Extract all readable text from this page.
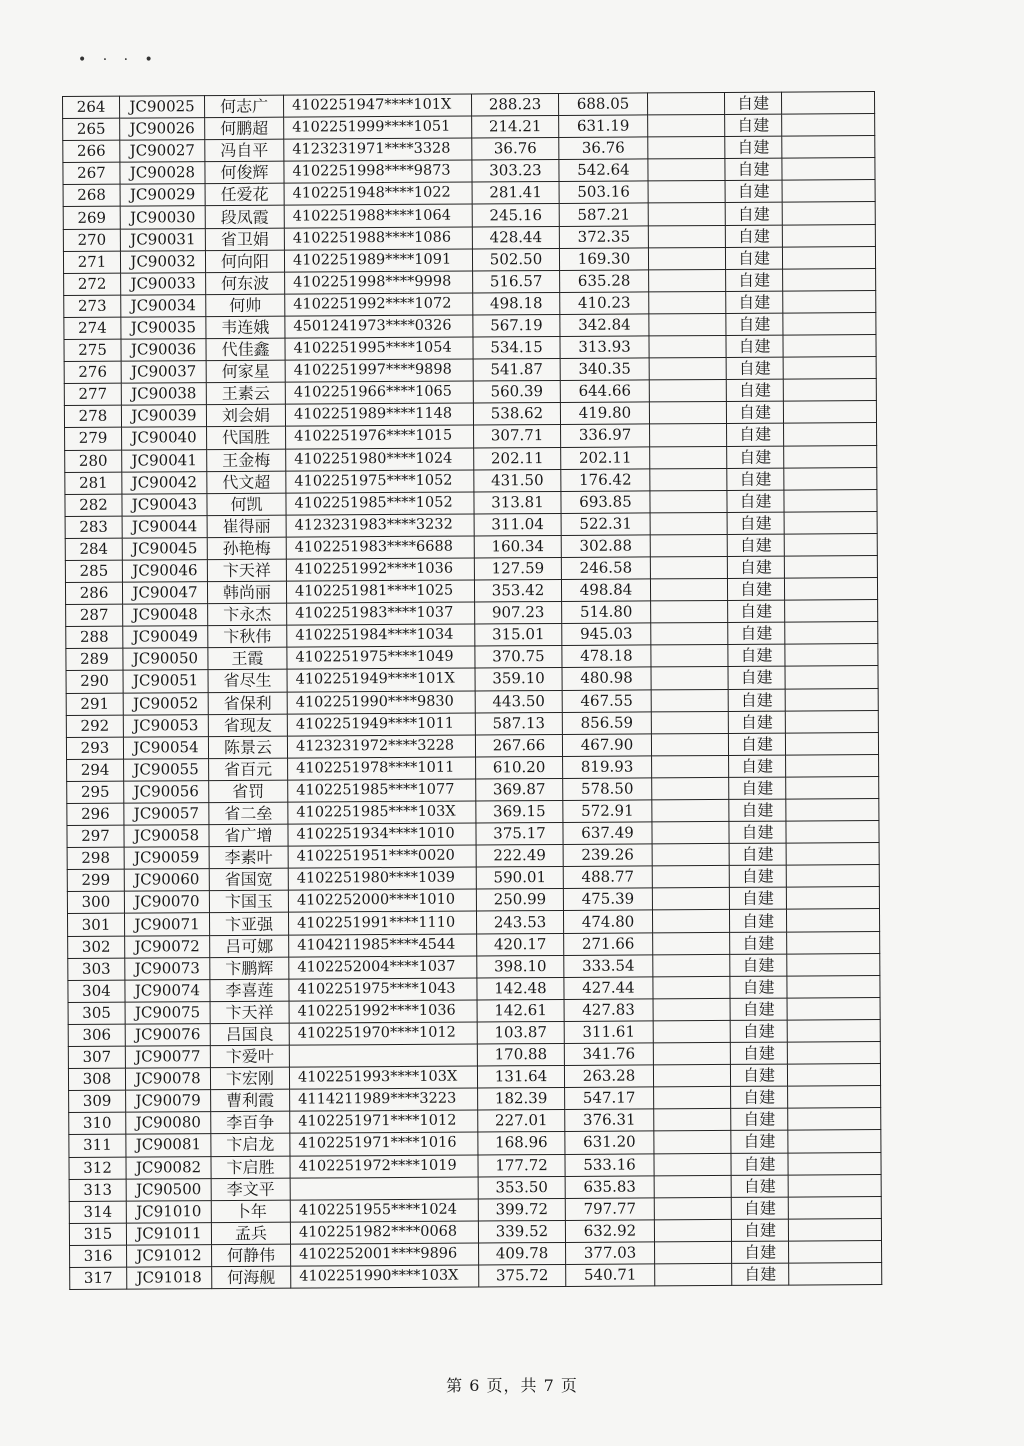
• · · •
264	JC90025	何志广	4102251947****101X	288.23	688.05		自建	
265	JC90026	何鹏超	4102251999****1051	214.21	631.19		自建	
266	JC90027	冯自平	4123231971****3328	36.76	36.76		自建	
267	JC90028	何俊辉	4102251998****9873	303.23	542.64		自建	
268	JC90029	任爱花	4102251948****1022	281.41	503.16		自建	
269	JC90030	段凤霞	4102251988****1064	245.16	587.21		自建	
270	JC90031	省卫娟	4102251988****1086	428.44	372.35		自建	
271	JC90032	何向阳	4102251989****1091	502.50	169.30		自建	
272	JC90033	何东波	4102251998****9998	516.57	635.28		自建	
273	JC90034	何帅	4102251992****1072	498.18	410.23		自建	
274	JC90035	韦连娥	4501241973****0326	567.19	342.84		自建	
275	JC90036	代佳鑫	4102251995****1054	534.15	313.93		自建	
276	JC90037	何家星	4102251997****9898	541.87	340.35		自建	
277	JC90038	王素云	4102251966****1065	560.39	644.66		自建	
278	JC90039	刘会娟	4102251989****1148	538.62	419.80		自建	
279	JC90040	代国胜	4102251976****1015	307.71	336.97		自建	
280	JC90041	王金梅	4102251980****1024	202.11	202.11		自建	
281	JC90042	代文超	4102251975****1052	431.50	176.42		自建	
282	JC90043	何凯	4102251985****1052	313.81	693.85		自建	
283	JC90044	崔得丽	4123231983****3232	311.04	522.31		自建	
284	JC90045	孙艳梅	4102251983****6688	160.34	302.88		自建	
285	JC90046	卞天祥	4102251992****1036	127.59	246.58		自建	
286	JC90047	韩尚丽	4102251981****1025	353.42	498.84		自建	
287	JC90048	卞永杰	4102251983****1037	907.23	514.80		自建	
288	JC90049	卞秋伟	4102251984****1034	315.01	945.03		自建	
289	JC90050	王霞	4102251975****1049	370.75	478.18		自建	
290	JC90051	省尽生	4102251949****101X	359.10	480.98		自建	
291	JC90052	省保利	4102251990****9830	443.50	467.55		自建	
292	JC90053	省现友	4102251949****1011	587.13	856.59		自建	
293	JC90054	陈景云	4123231972****3228	267.66	467.90		自建	
294	JC90055	省百元	4102251978****1011	610.20	819.93		自建	
295	JC90056	省罚	4102251985****1077	369.87	578.50		自建	
296	JC90057	省二垒	4102251985****103X	369.15	572.91		自建	
297	JC90058	省广增	4102251934****1010	375.17	637.49		自建	
298	JC90059	李素叶	4102251951****0020	222.49	239.26		自建	
299	JC90060	省国宽	4102251980****1039	590.01	488.77		自建	
300	JC90070	卞国玉	4102252000****1010	250.99	475.39		自建	
301	JC90071	卞亚强	4102251991****1110	243.53	474.80		自建	
302	JC90072	吕可娜	4104211985****4544	420.17	271.66		自建	
303	JC90073	卞鹏辉	4102252004****1037	398.10	333.54		自建	
304	JC90074	李喜莲	4102251975****1043	142.48	427.44		自建	
305	JC90075	卞天祥	4102251992****1036	142.61	427.83		自建	
306	JC90076	吕国良	4102251970****1012	103.87	311.61		自建	
307	JC90077	卞爱叶		170.88	341.76		自建	
308	JC90078	卞宏刚	4102251993****103X	131.64	263.28		自建	
309	JC90079	曹利霞	4114211989****3223	182.39	547.17		自建	
310	JC90080	李百争	4102251971****1012	227.01	376.31		自建	
311	JC90081	卞启龙	4102251971****1016	168.96	631.20		自建	
312	JC90082	卞启胜	4102251972****1019	177.72	533.16		自建	
313	JC90500	李文平		353.50	635.83		自建	
314	JC91010	卜年	4102251955****1024	399.72	797.77		自建	
315	JC91011	孟兵	4102251982****0068	339.52	632.92		自建	
316	JC91012	何静伟	4102252001****9896	409.78	377.03		自建	
317	JC91018	何海舰	4102251990****103X	375.72	540.71		自建	
第 6 页，共 7 页
